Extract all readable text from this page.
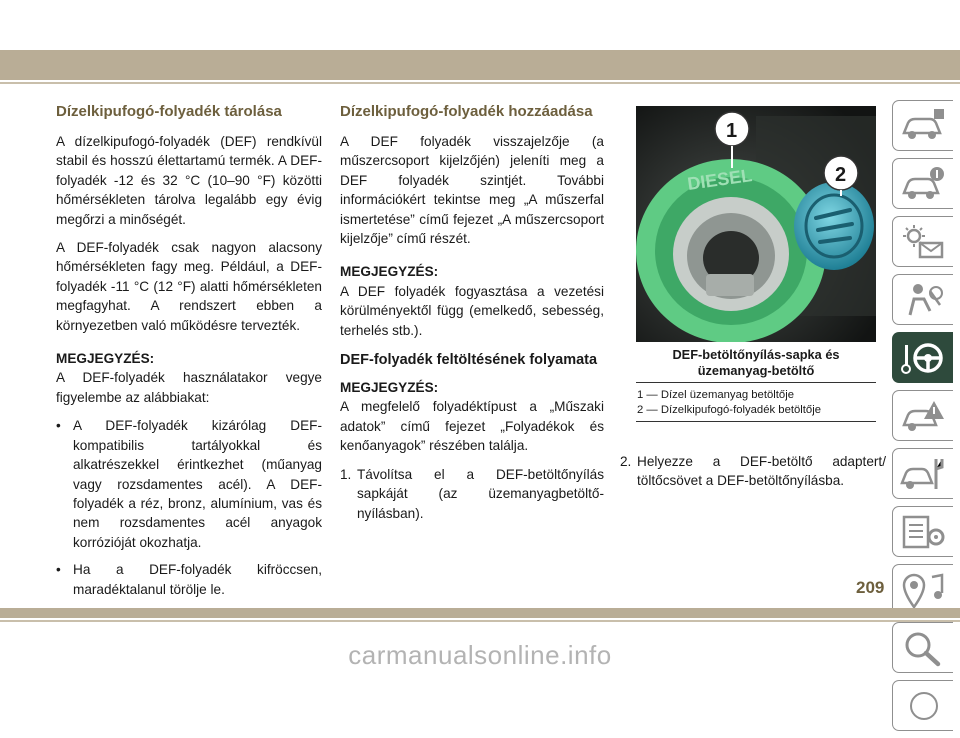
Dízelkipufogó-folyadék tárolása

A dízelkipufogó-folyadék (DEF) rendkívül stabil és hosszú élettartamú termék. A DEF-folyadék -12 és 32 °C (10–90 °F) közötti hőmérsékleten tárolva legalább egy évig megőrzi a minőségét.

A DEF-folyadék csak nagyon alacsony hőmérsékleten fagy meg. Például, a DEF-folyadék -11 °C (12 °F) alatti hőmérsékleten megfagyhat. A rendszert ebben a környezetben való működésre tervezték.

MEGJEGYZÉS:
A DEF-folyadék használatakor vegye figyelembe az alábbiakat:

• A DEF-folyadék kizárólag DEF-kompatibilis tartályokkal és alkatrészekkel érintkezhet (műanyag vagy rozsdamentes acél). A DEF-folyadék a réz, bronz, alumínium, vas és nem rozsdamentes acél anyagok korrózióját okozhatja.
• Ha a DEF-folyadék kifröccsen, maradéktalanul törölje le.
Dízelkipufogó-folyadék hozzáadása

A DEF folyadék visszajelzője (a műszercsoport kijelzőjén) jeleníti meg a DEF folyadék szintjét. További információkért tekintse meg „A műszerfal ismertetése” című fejezet „A műszercsoport kijelzője” című részét.

MEGJEGYZÉS:
A DEF folyadék fogyasztása a vezetési körülményektől függ (emelkedő, sebesség, terhelés stb.).

DEF-folyadék feltöltésének folyamata

MEGJEGYZÉS:
A megfelelő folyadéktípust a „Műszaki adatok” című fejezet „Folyadékok és kenőanyagok” részében találja.

1. Távolítsa el a DEF-betöltőnyílás sapkáját (az üzemanyagbetöltő-nyílásban).
DIESEL
1
2
DEF-betöltőnyílás-sapka és üzemanyag-betöltő
1 — Dízel üzemanyag betöltője
2 — Dízelkipufogó-folyadék betöltője
2. Helyezze a DEF-betöltő adaptert/
töltőcsövet a DEF-betöltőnyílásba.
209
carmanualsonline.info
